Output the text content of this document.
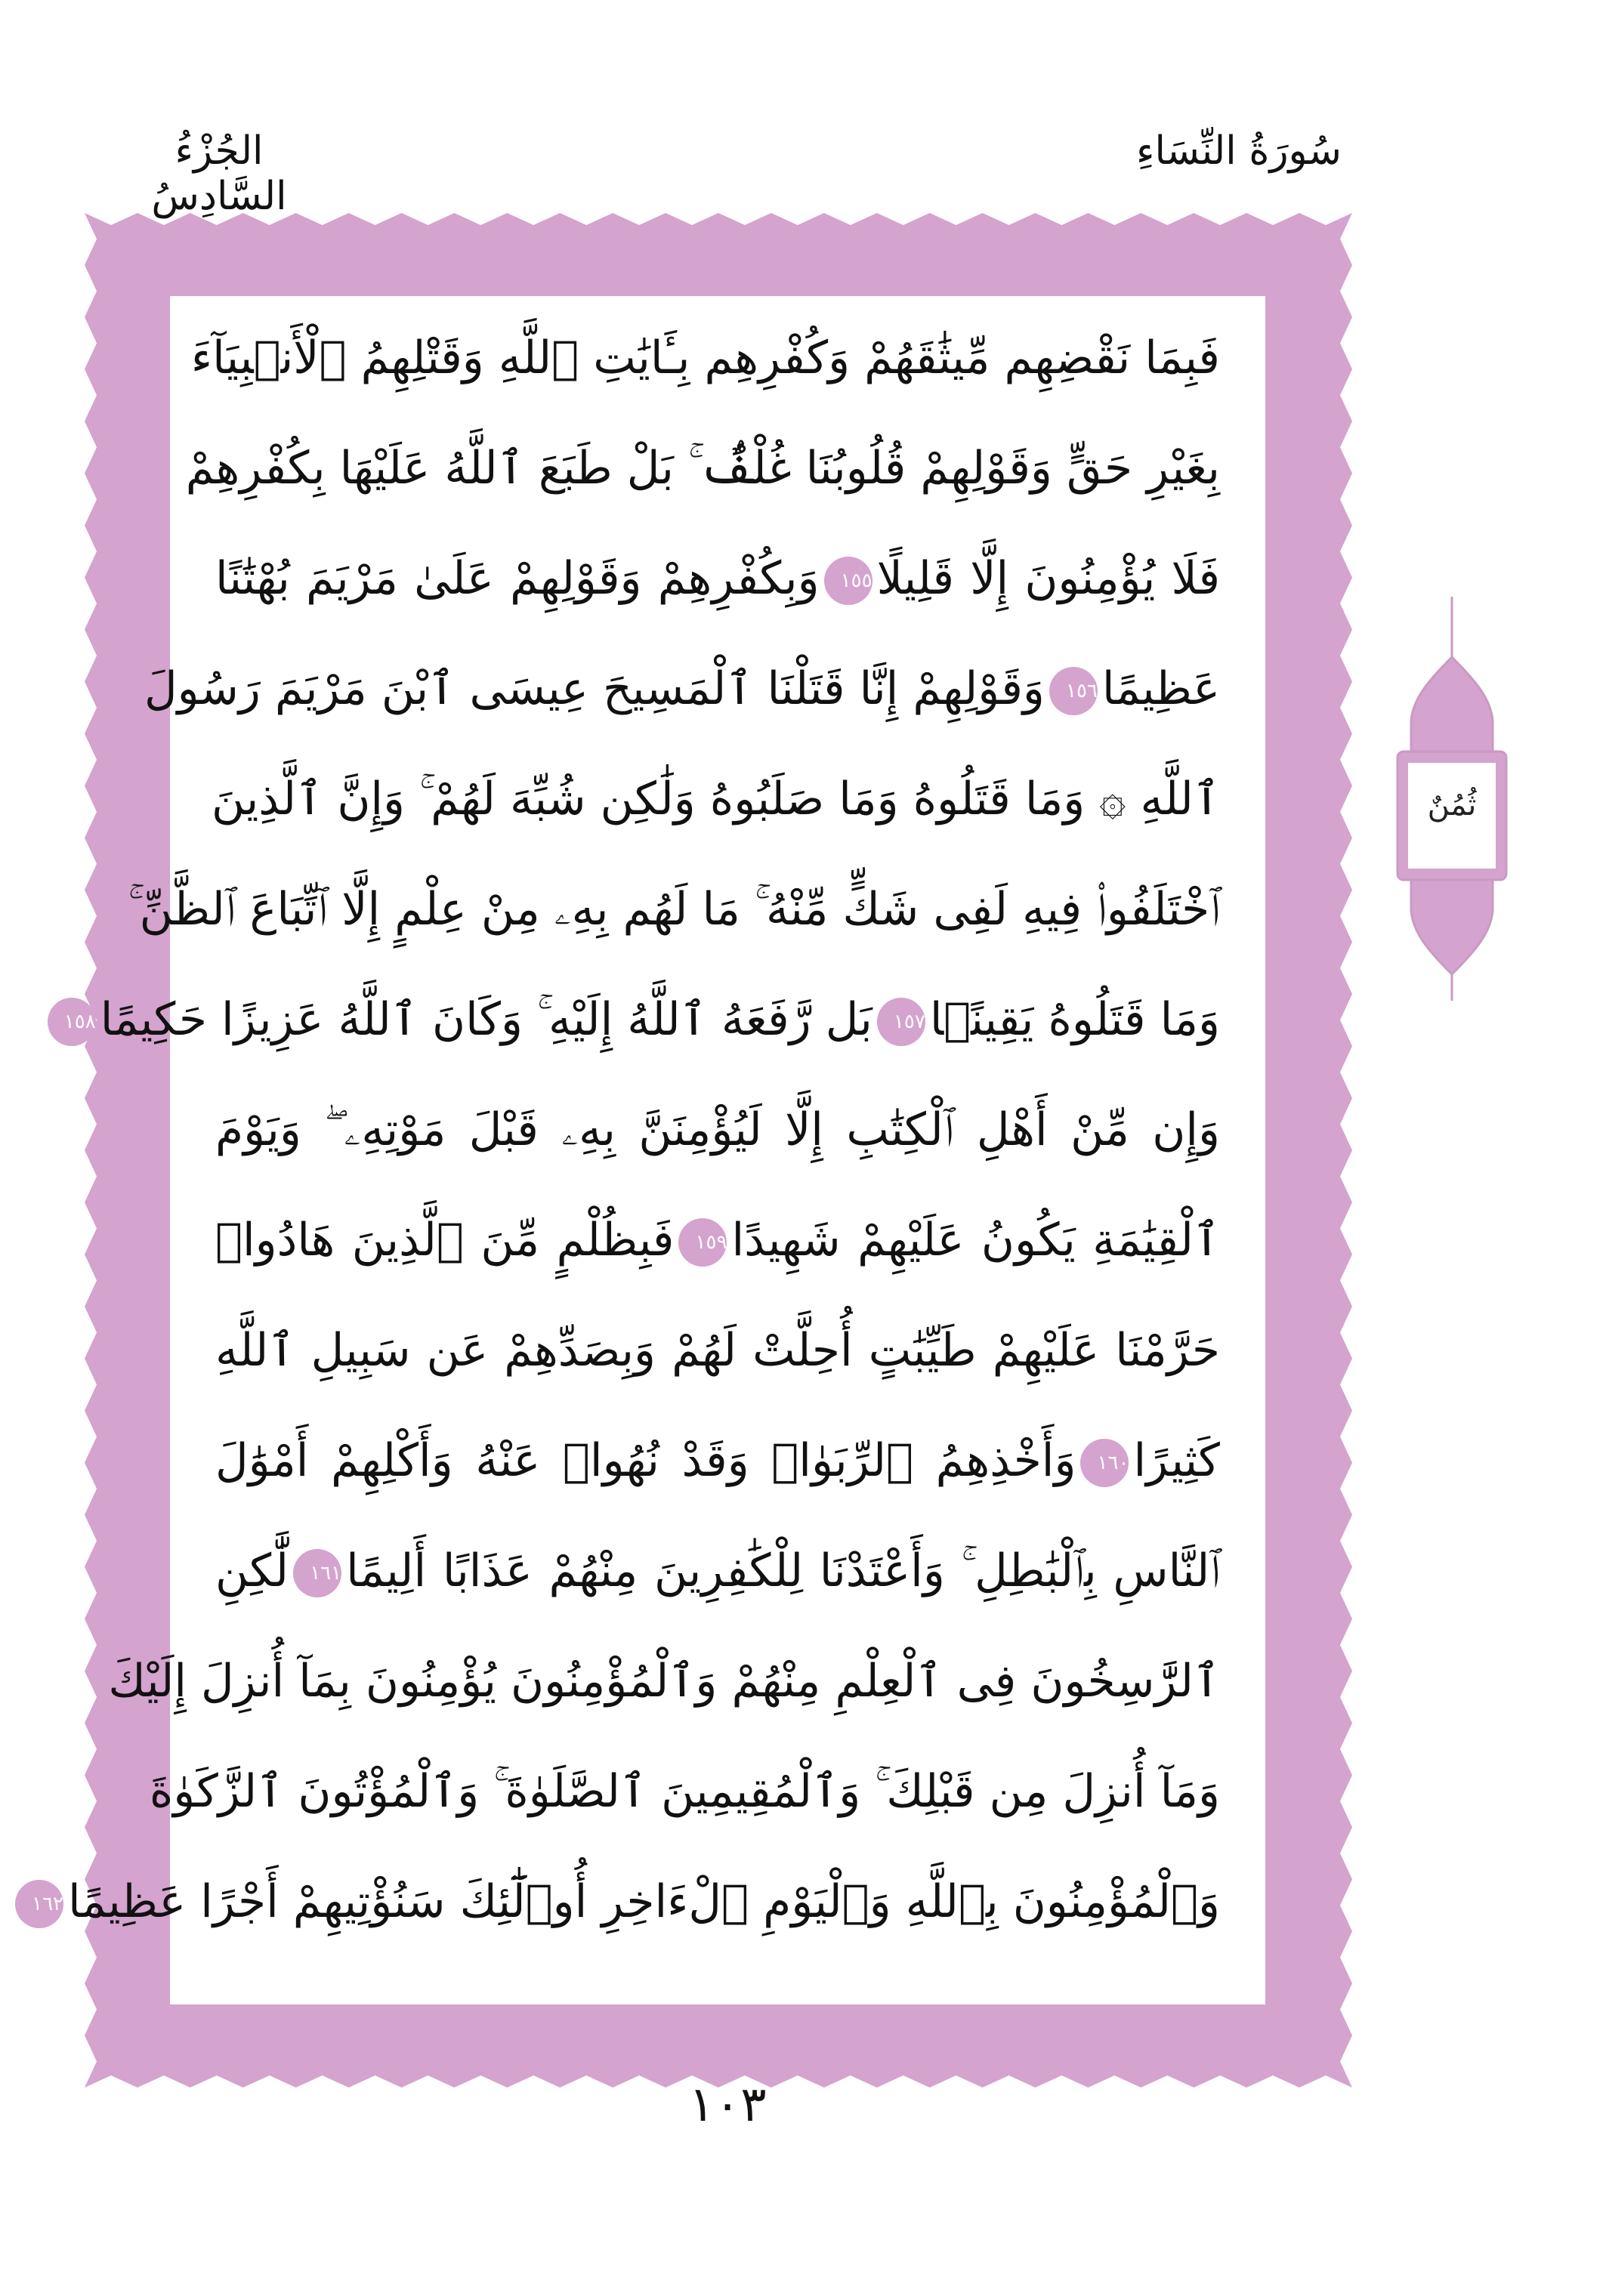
سُورَةُ النِّسَاءِ
الجُزْءُ السَّادِسُ
فَبِمَا نَقْضِهِم مِّيثَٰقَهُمْ وَكُفْرِهِم بِـَٔايَٰتِ ٱللَّهِ وَقَتْلِهِمُ ٱلْأَنۢبِيَآءَ
بِغَيْرِ حَقٍّ وَقَوْلِهِمْ قُلُوبُنَا غُلْفٌۢ ۚ بَلْ طَبَعَ ٱللَّهُ عَلَيْهَا بِكُفْرِهِمْ
فَلَا يُؤْمِنُونَ إِلَّا قَلِيلًا١٥٥وَبِكُفْرِهِمْ وَقَوْلِهِمْ عَلَىٰ مَرْيَمَ بُهْتَٰنًا
عَظِيمًا١٥٦وَقَوْلِهِمْ إِنَّا قَتَلْنَا ٱلْمَسِيحَ عِيسَى ٱبْنَ مَرْيَمَ رَسُولَ
ٱللَّهِ ۞ وَمَا قَتَلُوهُ وَمَا صَلَبُوهُ وَلَٰكِن شُبِّهَ لَهُمْ ۚ وَإِنَّ ٱلَّذِينَ
ٱخْتَلَفُوا۟ فِيهِ لَفِى شَكٍّ مِّنْهُ ۚ مَا لَهُم بِهِۦ مِنْ عِلْمٍ إِلَّا ٱتِّبَاعَ ٱلظَّنِّ ۚ
وَمَا قَتَلُوهُ يَقِينًۢا١٥٧بَل رَّفَعَهُ ٱللَّهُ إِلَيْهِ ۚ وَكَانَ ٱللَّهُ عَزِيزًا حَكِيمًا١٥٨
وَإِن مِّنْ أَهْلِ ٱلْكِتَٰبِ إِلَّا لَيُؤْمِنَنَّ بِهِۦ قَبْلَ مَوْتِهِۦ ۖ وَيَوْمَ
ٱلْقِيَٰمَةِ يَكُونُ عَلَيْهِمْ شَهِيدًا١٥٩فَبِظُلْمٍ مِّنَ ٱلَّذِينَ هَادُوا۟
حَرَّمْنَا عَلَيْهِمْ طَيِّبَٰتٍ أُحِلَّتْ لَهُمْ وَبِصَدِّهِمْ عَن سَبِيلِ ٱللَّهِ
كَثِيرًا١٦٠وَأَخْذِهِمُ ٱلرِّبَوٰا۟ وَقَدْ نُهُوا۟ عَنْهُ وَأَكْلِهِمْ أَمْوَٰلَ
ٱلنَّاسِ بِٱلْبَٰطِلِ ۚ وَأَعْتَدْنَا لِلْكَٰفِرِينَ مِنْهُمْ عَذَابًا أَلِيمًا١٦١لَّٰكِنِ
ٱلرَّٰسِخُونَ فِى ٱلْعِلْمِ مِنْهُمْ وَٱلْمُؤْمِنُونَ يُؤْمِنُونَ بِمَآ أُنزِلَ إِلَيْكَ
وَمَآ أُنزِلَ مِن قَبْلِكَ ۚ وَٱلْمُقِيمِينَ ٱلصَّلَوٰةَ ۚ وَٱلْمُؤْتُونَ ٱلزَّكَوٰةَ
وَٱلْمُؤْمِنُونَ بِٱللَّهِ وَٱلْيَوْمِ ٱلْءَاخِرِ أُو۟لَٰٓئِكَ سَنُؤْتِيهِمْ أَجْرًا عَظِيمًا١٦٢
ثُمُنٌ
١٠٣
